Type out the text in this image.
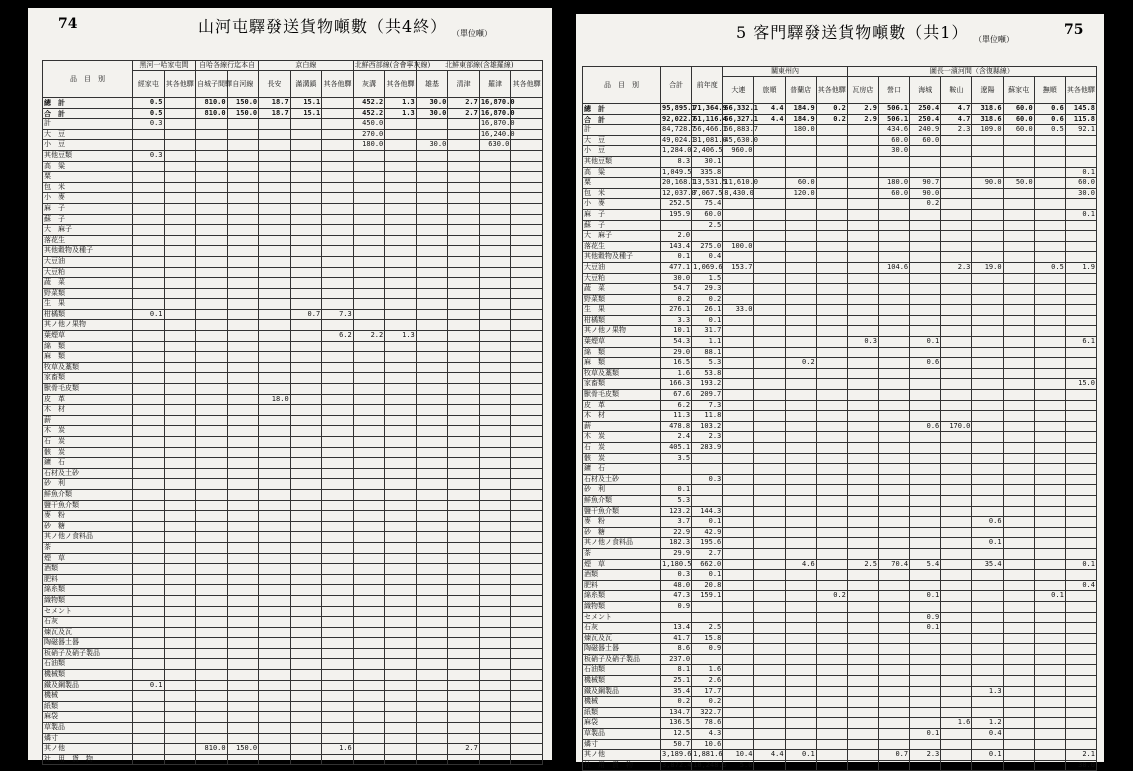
74	山河屯驛發送貨物噸數（共4終） （單位噸）
品　目　別	黑河一哈家屯間		自哈各線行迄本自		京白線			北鮮西部線(含會寧灰線)		北鮮東部線(含雄羅線)			
	經家屯	其各他驛	自城子間驛	自河線	長安	滿溝鎮	其各他驛	灰溝	其各他驛	雄基	清津	羅津	其各他驛
總　計	0.5		810.0	150.0	18.7	15.1		452.2	1.3	30.0	2.7	16,870.0	
合　計	0.5		810.0	150.0	18.7	15.1		452.2	1.3	30.0	2.7	16,870.0	
計	0.3							450.0				16,870.0	
大　豆								270.0				16,240.0	
小　豆								180.0		30.0		630.0	
其他豆類	0.3												
高　粱													
粟													
包　米													
小　麥													
麻　子													
蘇　子													
大　麻子													
落花生													
其他穀物及種子													
大豆油													
大豆粕													
蔬　菜													
野菜類													
生　果													
柑橘類	0.1					0.7	7.3						
其ノ他ノ果物													
葉煙草							6.2	2.2	1.3				
綿　類													
麻　類													
牧草及藁類													
家畜類													
獸骨毛皮類													
皮　革					18.0								
木　材													
薪													
木　炭													
石　炭													
骸　炭													
鑛　石													
石材及土砂													
砂　利													
鮮魚介類													
鹽干魚介類													
麥　粉													
砂　糖													
其ノ他ノ食料品													
茶													
煙　草													
酒類													
肥料													
綿糸類													
織物類													
セメント													
石灰													
煉瓦及瓦													
陶磁器土器													
板硝子及硝子製品													
石油類													
機械類													
鐵及鋼製品	0.1												
機械													
紙類													
麻袋													
草製品													
燐寸													
其ノ他			810.0	150.0			1.6				2.7		
社　用　貨　物													
5 客門驛發送貨物噸數（共1） （單位噸）
75
品　目　別	合計	前年度	關東州內				圖長一濱河間（含復縣線）							
			大連	旅順	普蘭店	其各他驛	瓦房店	營口	海城	鞍山	遼陽	蘇家屯	撫順	其各他驛
總　計	95,895.1	71,364.9	66,332.1	4.4	184.9	0.2	2.9	506.1	250.4	4.7	318.6	60.0	0.6	145.8
合　計	92,022.7	61,116.4	66,327.1	4.4	184.9	0.2	2.9	506.1	250.4	4.7	318.6	60.0	0.6	115.8
計	84,728.7	56,466.1	66,883.7		180.0			434.6	240.9	2.3	109.0	60.0	0.5	92.1
大　豆	49,024.1	31,081.0	45,630.0					60.0	60.0					
小　豆	1,284.0	2,406.5	960.0					30.0						
其他豆類	8.3	30.1												
高　粱	1,049.5	335.8												0.1
粟	20,168.1	13,531.5	11,610.0		60.0			180.0	90.7		90.0	50.0		60.0
包　米	12,037.8	7,067.5	8,430.0		120.0			60.0	90.0					30.0
小　麥	252.5	75.4							0.2					
麻　子	195.9	60.0												0.1
蘇　子		2.5												
大　麻子	2.0													
落花生	143.4	275.0	100.0											
其他穀物及種子	0.1	0.4												
大豆油	477.1	1,069.6	153.7					104.6		2.3	19.0		0.5	1.9
大豆粕	30.0	1.5												
蔬　菜	54.7	29.3												
野菜類	0.2	0.2												
生　果	276.1	26.1	33.0											
柑橘類	3.3	0.1												
其ノ他ノ果物	10.1	31.7												
葉煙草	54.3	1.1					0.3		0.1					6.1
綿　類	29.0	88.1												
麻　類	16.5	5.3			0.2				0.6					
牧草及藁類	1.6	53.8												
家畜類	166.3	193.2												15.0
獸骨毛皮類	67.6	209.7												
皮　革	6.2	7.3												
木　材	11.3	11.8												
薪	478.8	103.2							0.6	170.0				
木　炭	2.4	2.3												
石　炭	405.1	283.9												
骸　炭	3.5													
鑛　石														
石材及土砂		0.3												
砂　利	0.1													
鮮魚介類	5.3													
鹽干魚介類	123.2	144.3												
麥　粉	3.7	0.1									0.6			
砂　糖	22.9	42.9												
其ノ他ノ食料品	182.3	195.6									0.1			
茶	29.9	2.7												
煙　草	1,180.5	662.0			4.6		2.5	70.4	5.4		35.4			0.1
酒類	0.3	0.1												
肥料	48.0	20.8												0.4
綿糸類	47.3	159.1				0.2			0.1				0.1	
織物類	0.9													
セメント									0.9					
石灰	13.4	2.5							0.1					
煉瓦及瓦	41.7	15.8												
陶磁器土器	8.6	0.9												
板硝子及硝子製品	237.0													
石油類	8.1	1.6												
機械類	25.1	2.6												
鐵及鋼製品	35.4	17.7									1.3			
機械	0.2	0.2												
紙類	134.7	322.7												
麻袋	136.5	78.6								1.6	1.2			
草製品	12.5	4.3							0.1		0.4			
燐寸	50.7	10.6												
其ノ他	3,189.6	1,881.6	10.4	4.4	0.1			0.7	2.3		0.1			2.1
社　用　貨　物	3,872.4	10,248.5	5.0											30.0
